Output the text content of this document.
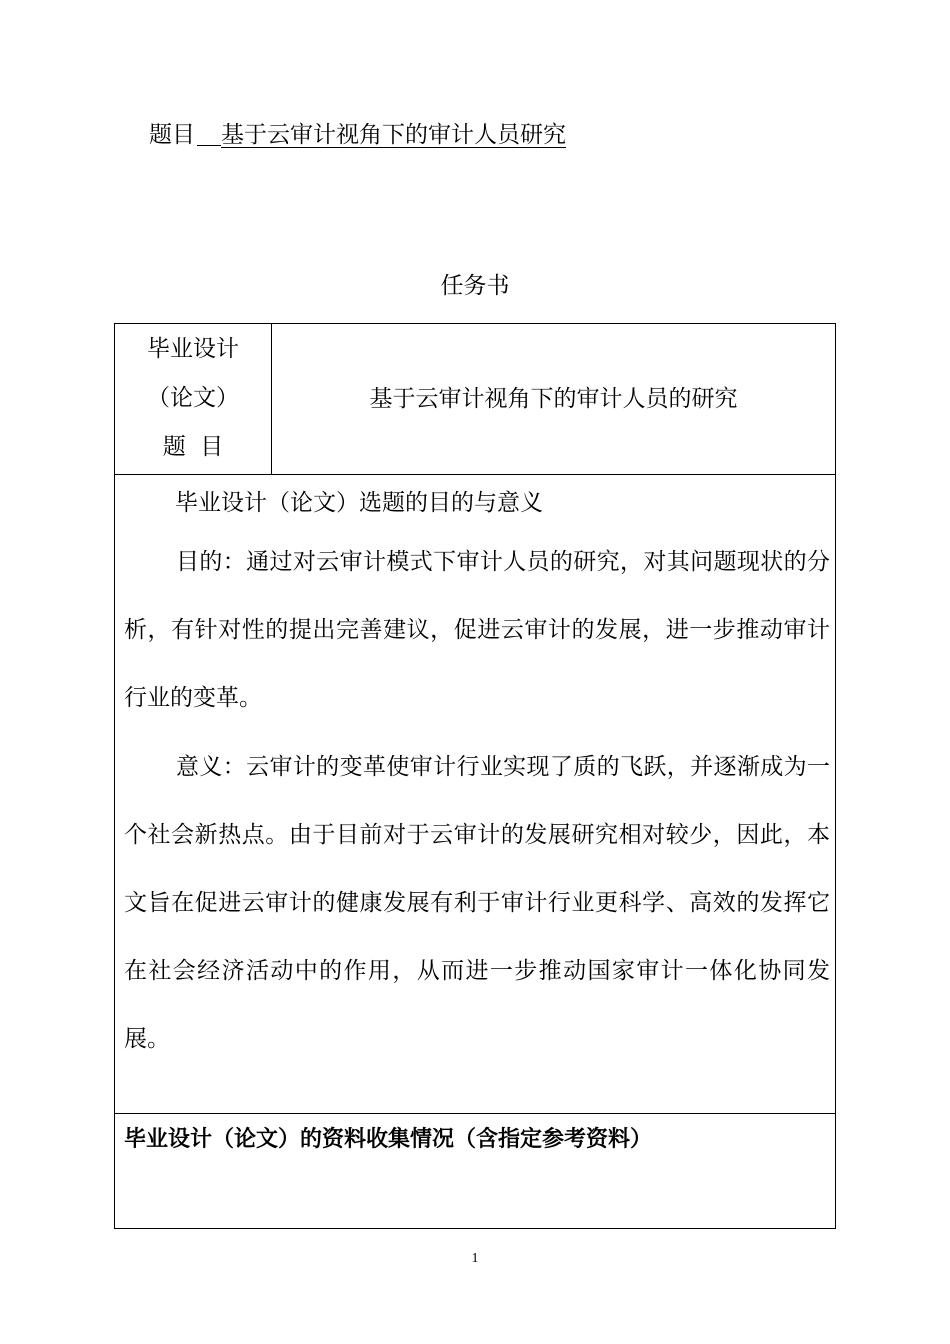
题目 基于云审计视角下的审计人员研究
任务书
毕业设计
（论文）
题  目
基于云审计视角下的审计人员的研究
毕业设计（论文）选题的目的与意义

目的：通过对云审计模式下审计人员的研究，对其问题现状的分析，有针对性的提出完善建议，促进云审计的发展，进一步推动审计行业的变革。

意义：云审计的变革使审计行业实现了质的飞跃，并逐渐成为一个社会新热点。由于目前对于云审计的发展研究相对较少，因此，本文旨在促进云审计的健康发展有利于审计行业更科学、高效的发挥它在社会经济活动中的作用，从而进一步推动国家审计一体化协同发展。

毕业设计（论文）的资料收集情况（含指定参考资料）
1
